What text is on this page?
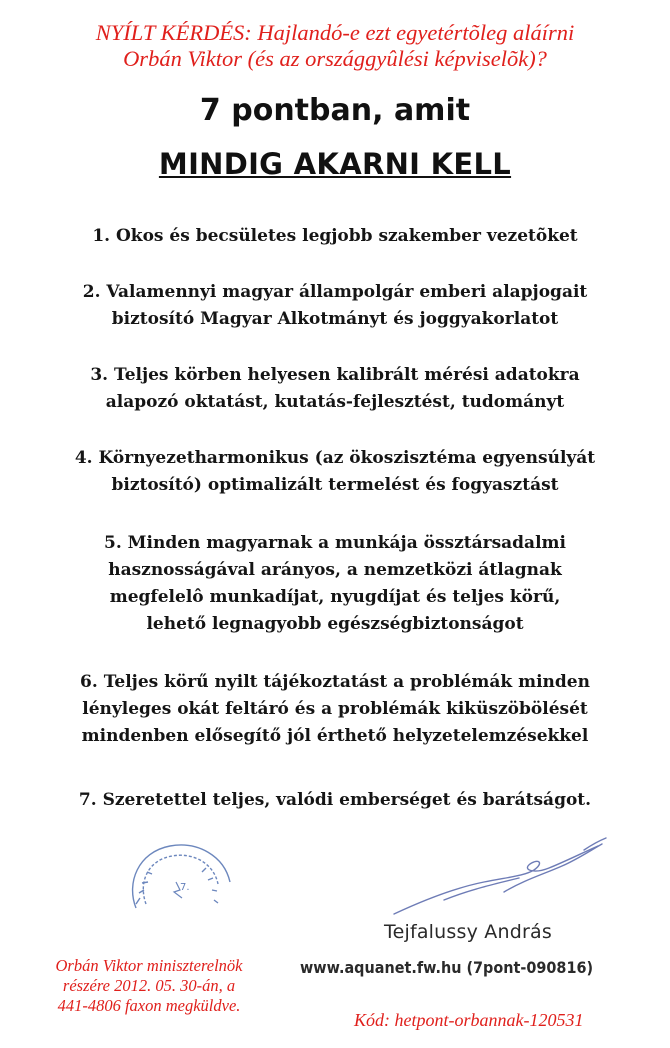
NYÍLT KÉRDÉS: Hajlandó-e ezt egyetértõleg aláírni
Orbán Viktor (és az országgyûlési képviselõk)?
7 pontban, amit
MINDIG AKARNI KELL
1. Okos és becsületes legjobb szakember vezetõket
2. Valamennyi magyar állampolgár emberi alapjogait
biztosító Magyar Alkotmányt és joggyakorlatot
3. Teljes körben helyesen kalibrált mérési adatokra
alapozó oktatást, kutatás-fejlesztést, tudományt
4. Környezetharmonikus (az ökoszisztéma egyensúlyát
biztosító) optimalizált termelést és fogyasztást
5. Minden magyarnak a munkája össztársadalmi
hasznosságával arányos, a nemzetközi átlagnak
megfelelô munkadíjat, nyugdíjat és teljes körű,
lehető legnagyobb egészségbiztonságot
6. Teljes körű nyilt tájékoztatást a problémák minden
lényleges okát feltáró és a problémák kiküszöbölését
mindenben elősegítő jól érthető helyzetelemzésekkel
7. Szeretettel teljes, valódi emberséget és barátságot.
7.
Tejfalussy András
www.aquanet.fw.hu (7pont-090816)
Orbán Viktor miniszterelnök
részére 2012. 05. 30-án, a
441-4806 faxon megküldve.
Kód: hetpont-orbannak-120531
